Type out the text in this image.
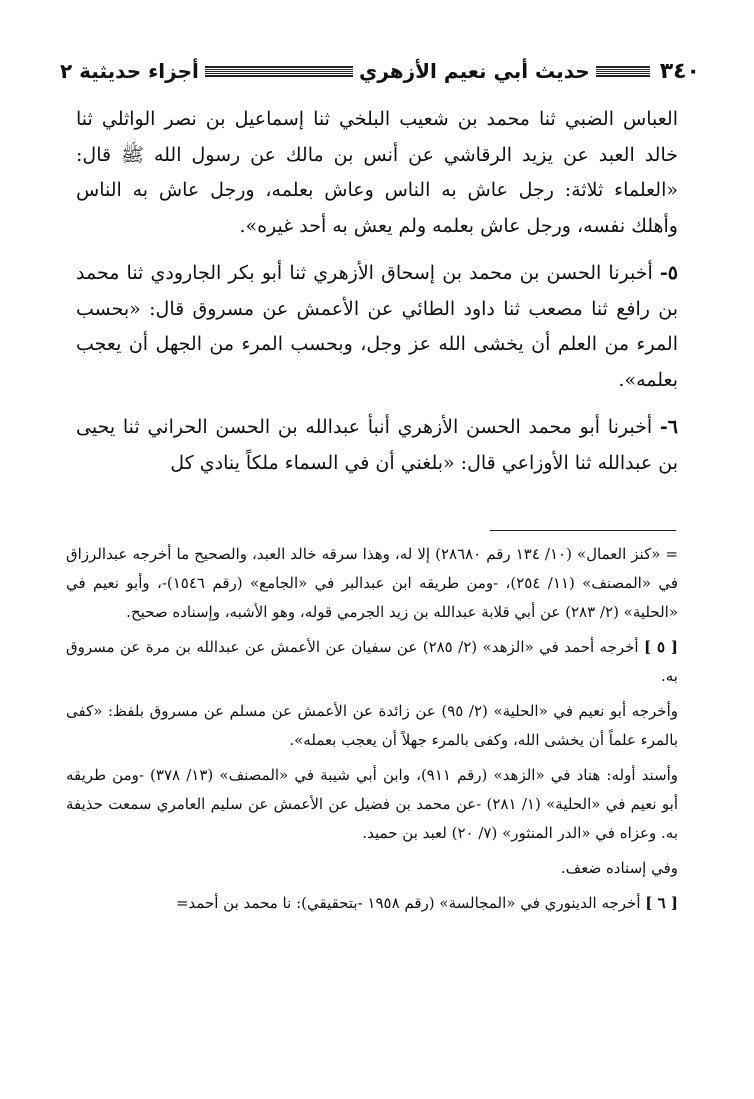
٣٤٠
حديث أبي نعيم الأزهري
أجزاء حديثية ٢

العباس الضبي ثنا محمد بن شعيب البلخي ثنا إسماعيل بن نصر الواثلي ثنا خالد العبد عن يزيد الرقاشي عن أنس بن مالك عن رسول الله ﷺ قال: «العلماء ثلاثة: رجل عاش به الناس وعاش بعلمه، ورجل عاش به الناس وأهلك نفسه، ورجل عاش بعلمه ولم يعش به أحد غيره».

٥- أخبرنا الحسن بن محمد بن إسحاق الأزهري ثنا أبو بكر الجارودي ثنا محمد بن رافع ثنا مصعب ثنا داود الطائي عن الأعمش عن مسروق قال: «بحسب المرء من العلم أن يخشى الله عز وجل، وبحسب المرء من الجهل أن يعجب بعلمه».

٦- أخبرنا أبو محمد الحسن الأزهري أنبأ عبدالله بن الحسن الحراني ثنا يحيى بن عبدالله ثنا الأوزاعي قال: «بلغني أن في السماء ملكاً ينادي كل

= «كنز العمال» (١٠/ ١٣٤ رقم ٢٨٦٨٠) إلا له، وهذا سرقه خالد العبد، والصحيح ما أخرجه عبدالرزاق في «المصنف» (١١/ ٢٥٤)، -ومن طريقه ابن عبدالبر في «الجامع» (رقم ١٥٤٦)-، وأبو نعيم في «الحلية» (٢/ ٢٨٣) عن أبي قلابة عبدالله بن زيد الجرمي قوله، وهو الأشبه، وإسناده صحيح.

[ ٥ ] أخرجه أحمد في «الزهد» (٢/ ٢٨٥) عن سفيان عن الأعمش عن عبدالله بن مرة عن مسروق به.

وأخرجه أبو نعيم في «الحلية» (٢/ ٩٥) عن زائدة عن الأعمش عن مسلم عن مسروق بلفظ: «كفى بالمرء علماً أن يخشى الله، وكفى بالمرء جهلاً أن يعجب بعمله».

وأسند أوله: هناد في «الزهد» (رقم ٩١١)، وابن أبي شيبة في «المصنف» (١٣/ ٣٧٨) -ومن طريقه أبو نعيم في «الحلية» (١/ ٢٨١) -عن محمد بن فضيل عن الأعمش عن سليم العامري سمعت حذيفة به. وعزاه في «الدر المنثور» (٧/ ٢٠) لعبد بن حميد.

وفي إسناده ضعف.

[ ٦ ] أخرجه الدينوري في «المجالسة» (رقم ١٩٥٨ -بتحقيقي): نا محمد بن أحمد=
